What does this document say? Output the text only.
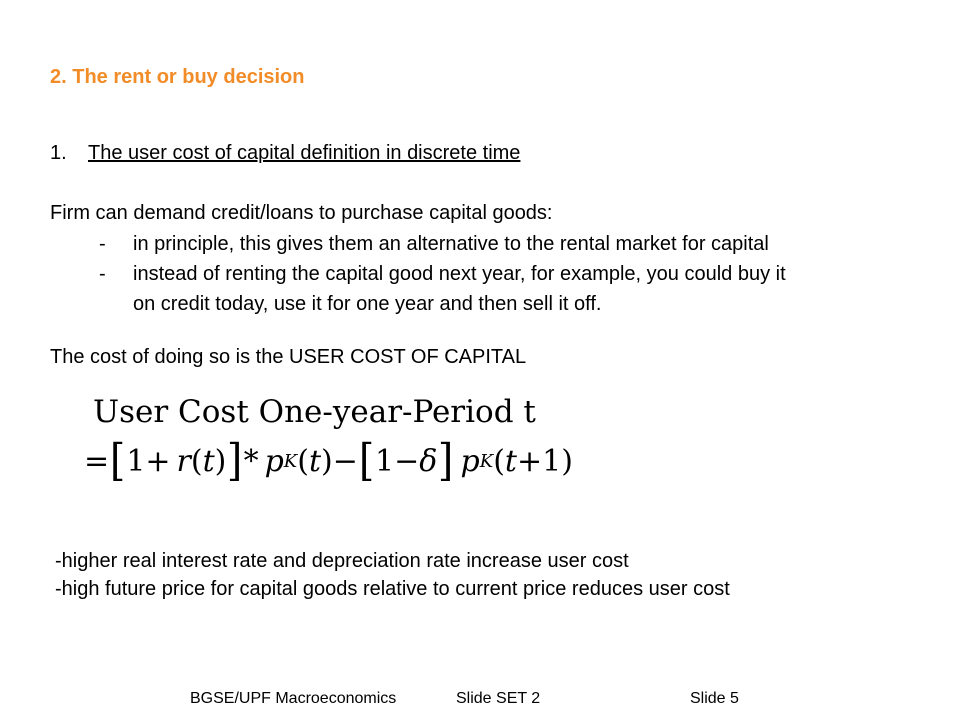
2. The rent or buy decision
1. The user cost of capital definition in discrete time
Firm can demand credit/loans to purchase capital goods:
- in principle, this gives them an alternative to the rental market for capital
- instead of renting the capital good next year, for example, you could buy it
on credit today, use it for one year and then sell it off.
The cost of doing so is the USER COST OF CAPITAL
User Cost One-year-Period t
= [ 1+ r ( t ) ] * p K ( t ) − [ 1− δ ] p K ( t +1)
-higher real interest rate and depreciation rate increase user cost
-high future price for capital goods relative to current price reduces user cost
BGSE/UPF Macroeconomics	Slide SET 2	Slide 5
